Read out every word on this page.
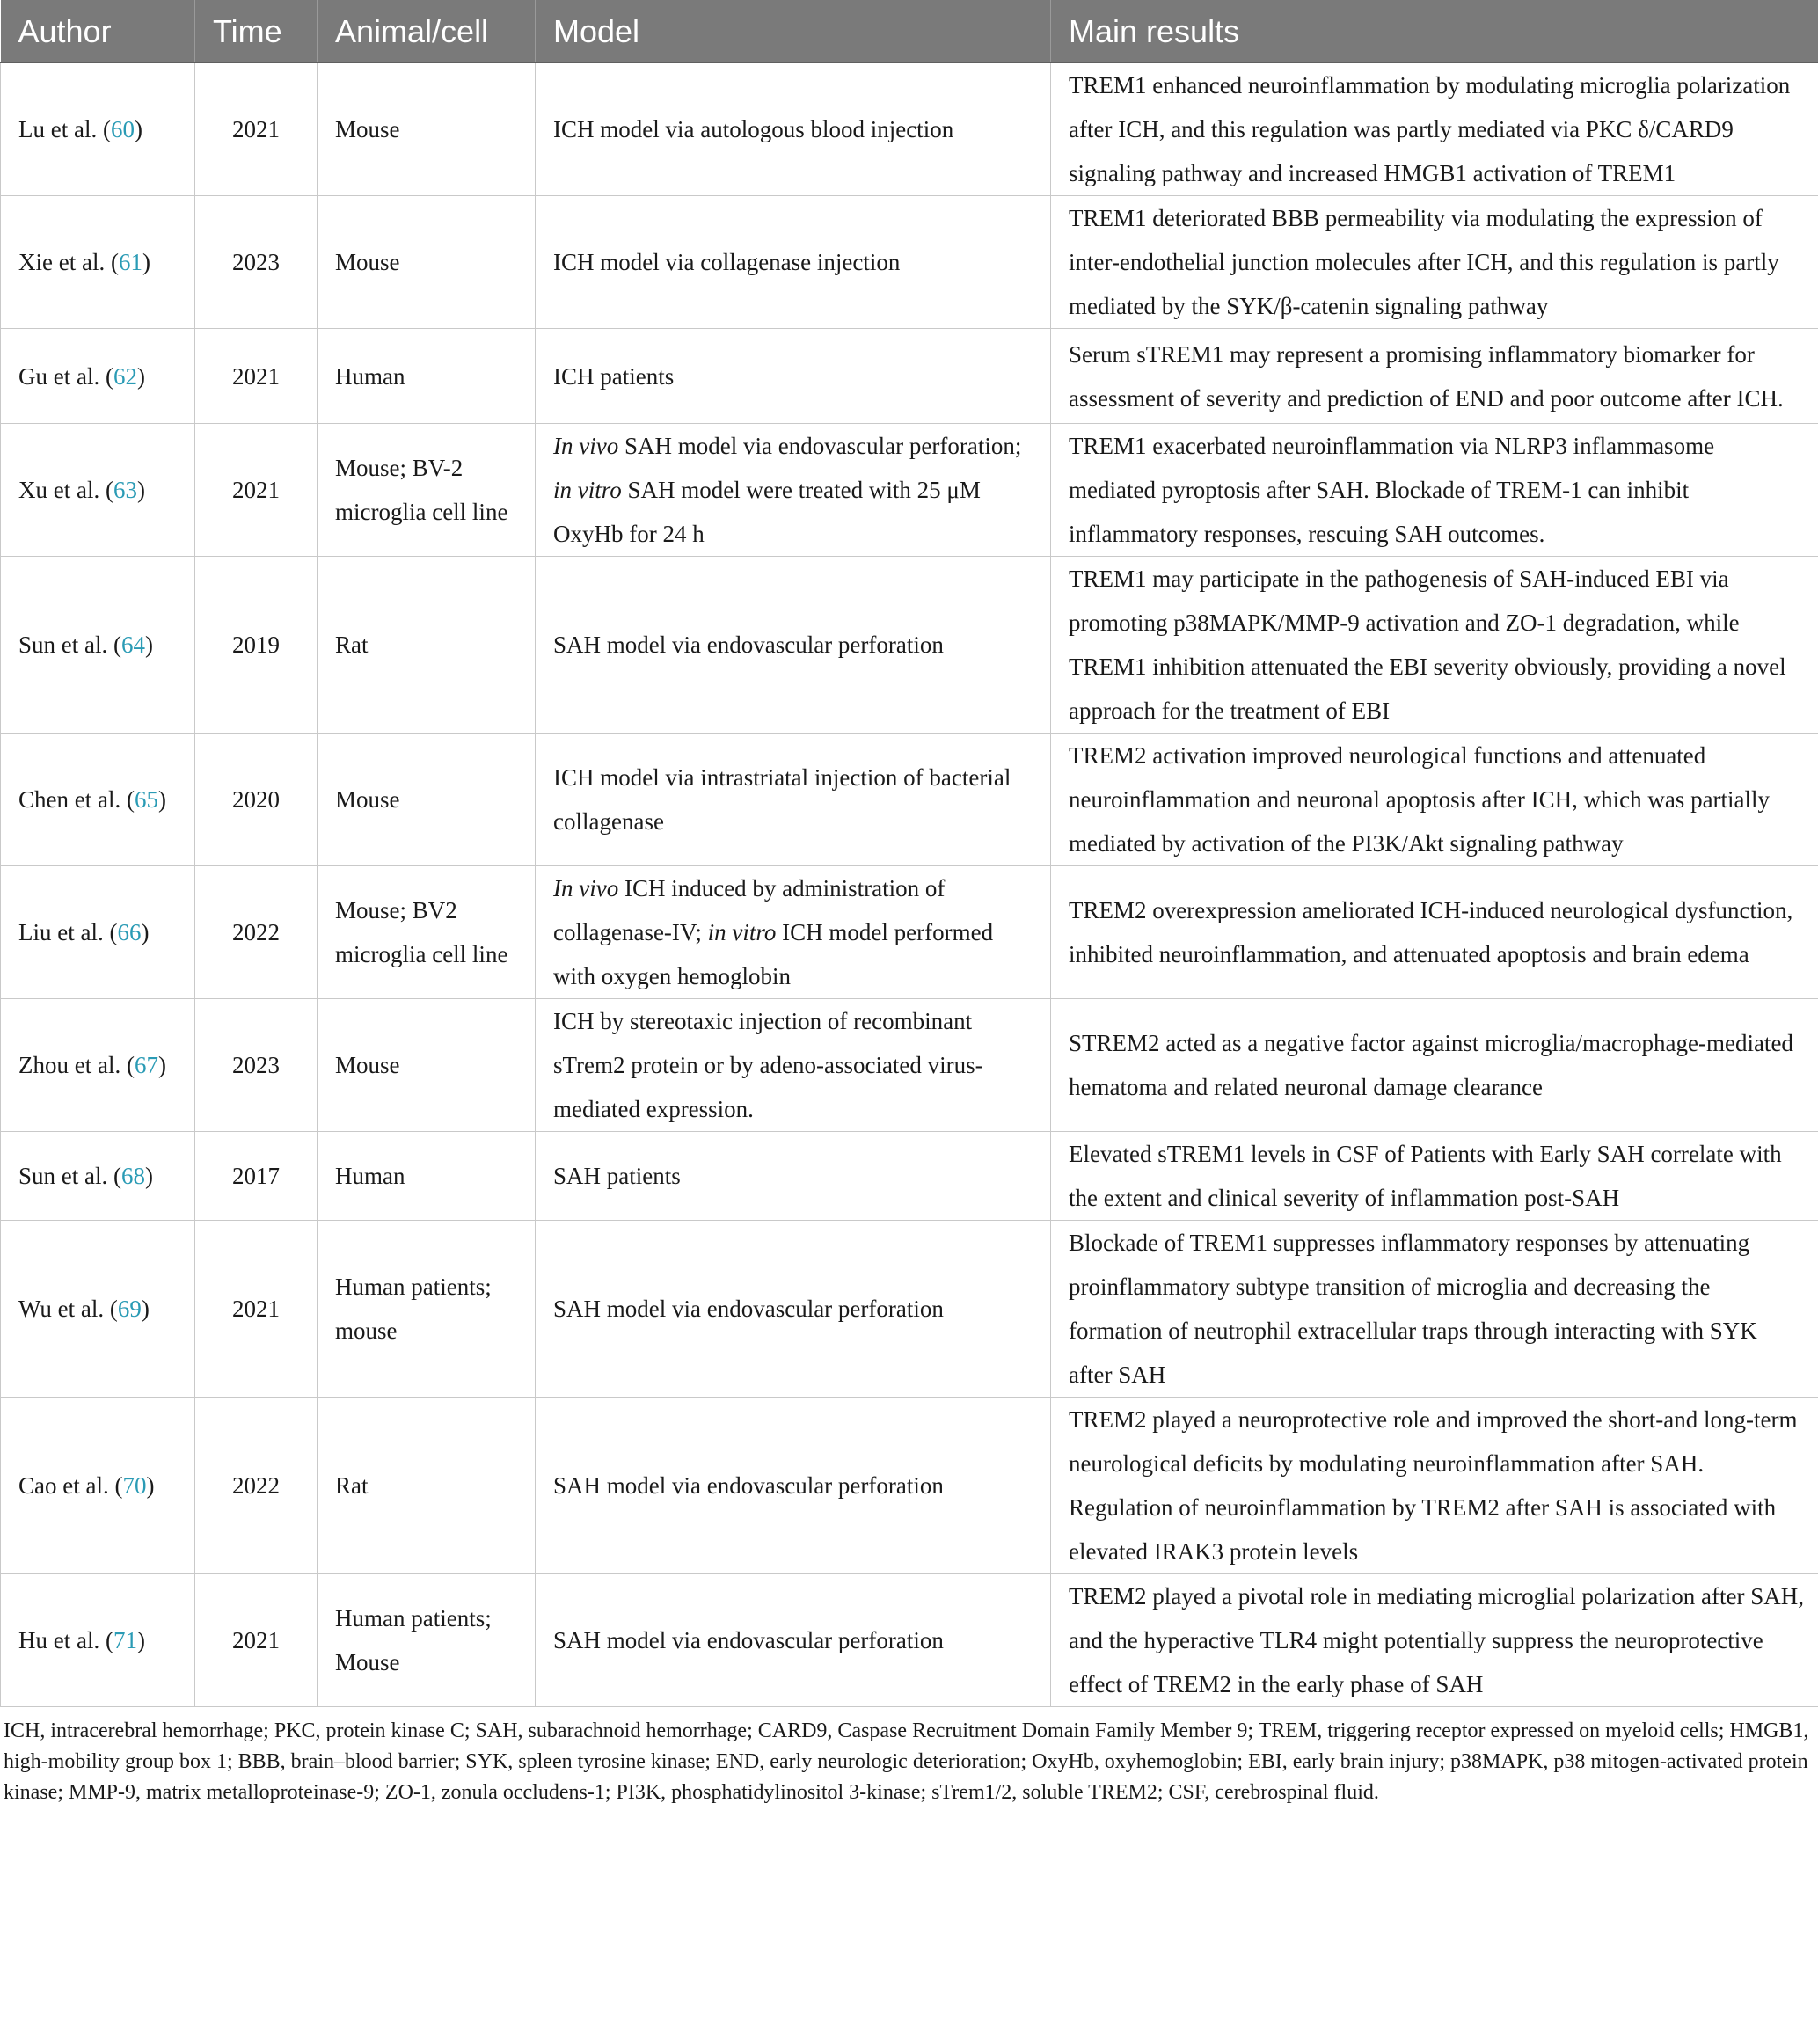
Author	Time	Animal/cell	Model	Main results
Lu et al. (60)	2021	Mouse	ICH model via autologous blood injection	TREM1 enhanced neuroinflammation by modulating microglia polarization after ICH, and this regulation was partly mediated via PKC δ/CARD9 signaling pathway and increased HMGB1 activation of TREM1
Xie et al. (61)	2023	Mouse	ICH model via collagenase injection	TREM1 deteriorated BBB permeability via modulating the expression of inter-endothelial junction molecules after ICH, and this regulation is partly mediated by the SYK/β-catenin signaling pathway
Gu et al. (62)	2021	Human	ICH patients	Serum sTREM1 may represent a promising inflammatory biomarker for assessment of severity and prediction of END and poor outcome after ICH.
Xu et al. (63)	2021	Mouse; BV-2 microglia cell line	In vivo SAH model via endovascular perforation; in vitro SAH model were treated with 25 μM OxyHb for 24 h	TREM1 exacerbated neuroinflammation via NLRP3 inflammasome mediated pyroptosis after SAH. Blockade of TREM-1 can inhibit inflammatory responses, rescuing SAH outcomes.
Sun et al. (64)	2019	Rat	SAH model via endovascular perforation	TREM1 may participate in the pathogenesis of SAH-induced EBI via promoting p38MAPK/MMP-9 activation and ZO-1 degradation, while TREM1 inhibition attenuated the EBI severity obviously, providing a novel approach for the treatment of EBI
Chen et al. (65)	2020	Mouse	ICH model via intrastriatal injection of bacterial collagenase	TREM2 activation improved neurological functions and attenuated neuroinflammation and neuronal apoptosis after ICH, which was partially mediated by activation of the PI3K/Akt signaling pathway
Liu et al. (66)	2022	Mouse; BV2 microglia cell line	In vivo ICH induced by administration of collagenase-IV; in vitro ICH model performed with oxygen hemoglobin	TREM2 overexpression ameliorated ICH-induced neurological dysfunction, inhibited neuroinflammation, and attenuated apoptosis and brain edema
Zhou et al. (67)	2023	Mouse	ICH by stereotaxic injection of recombinant sTrem2 protein or by adeno-associated virus-mediated expression.	STREM2 acted as a negative factor against microglia/macrophage-mediated hematoma and related neuronal damage clearance
Sun et al. (68)	2017	Human	SAH patients	Elevated sTREM1 levels in CSF of Patients with Early SAH correlate with the extent and clinical severity of inflammation post-SAH
Wu et al. (69)	2021	Human patients; mouse	SAH model via endovascular perforation	Blockade of TREM1 suppresses inflammatory responses by attenuating proinflammatory subtype transition of microglia and decreasing the formation of neutrophil extracellular traps through interacting with SYK after SAH
Cao et al. (70)	2022	Rat	SAH model via endovascular perforation	TREM2 played a neuroprotective role and improved the short-and long-term neurological deficits by modulating neuroinflammation after SAH. Regulation of neuroinflammation by TREM2 after SAH is associated with elevated IRAK3 protein levels
Hu et al. (71)	2021	Human patients; Mouse	SAH model via endovascular perforation	TREM2 played a pivotal role in mediating microglial polarization after SAH, and the hyperactive TLR4 might potentially suppress the neuroprotective effect of TREM2 in the early phase of SAH
ICH, intracerebral hemorrhage; PKC, protein kinase C; SAH, subarachnoid hemorrhage; CARD9, Caspase Recruitment Domain Family Member 9; TREM, triggering receptor expressed on myeloid cells; HMGB1, high-mobility group box 1; BBB, brain–blood barrier; SYK, spleen tyrosine kinase; END, early neurologic deterioration; OxyHb, oxyhemoglobin; EBI, early brain injury; p38MAPK, p38 mitogen-activated protein kinase; MMP-9, matrix metalloproteinase-9; ZO-1, zonula occludens-1; PI3K, phosphatidylinositol 3-kinase; sTrem1/2, soluble TREM2; CSF, cerebrospinal fluid.
